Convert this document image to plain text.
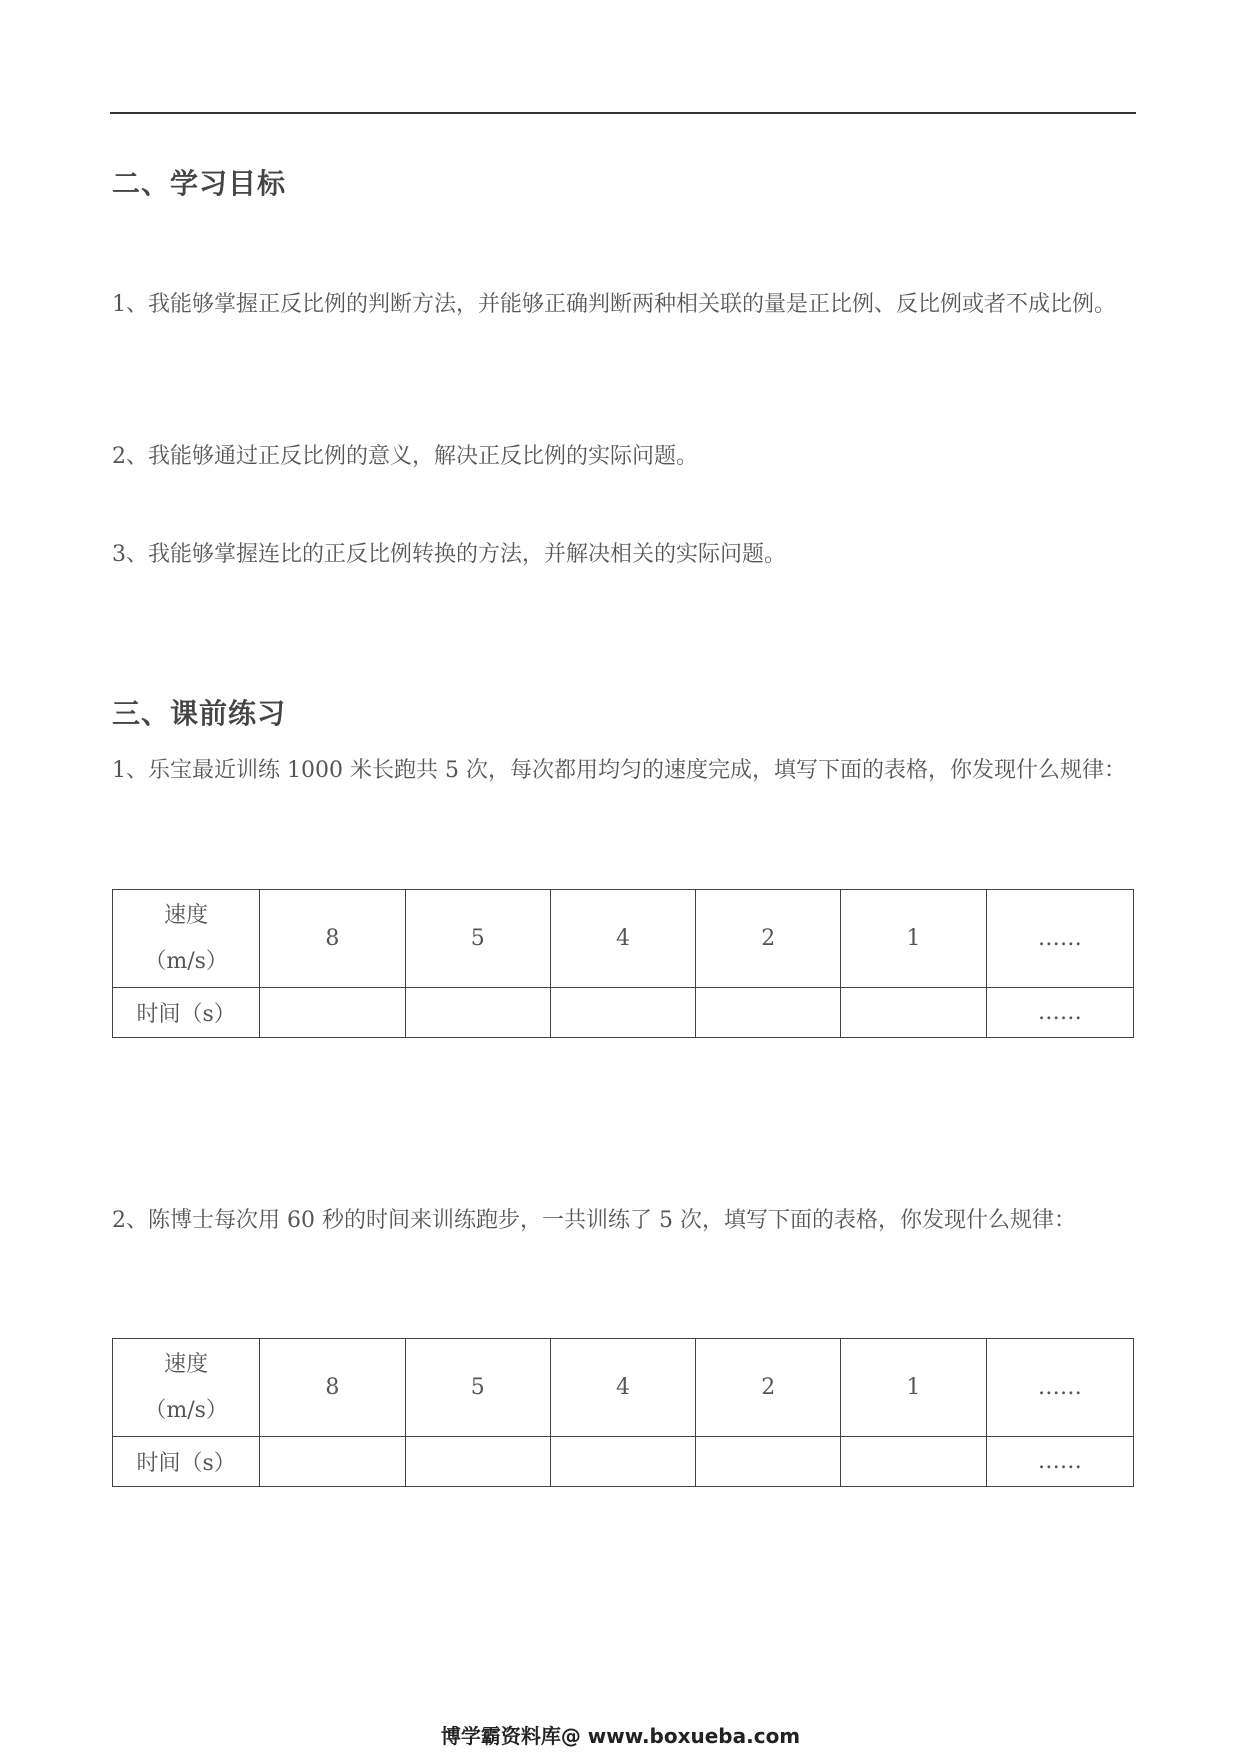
二、学习目标
1、我能够掌握正反比例的判断方法，并能够正确判断两种相关联的量是正比例、反比例或者不成比例。
2、我能够通过正反比例的意义，解决正反比例的实际问题。
3、我能够掌握连比的正反比例转换的方法，并解决相关的实际问题。
三、课前练习
1、乐宝最近训练 1000 米长跑共 5 次，每次都用均匀的速度完成，填写下面的表格，你发现什么规律：
速度
（m/s）	8	5	4	2	1	……
时间（s）						……
2、陈博士每次用 60 秒的时间来训练跑步，一共训练了 5 次，填写下面的表格，你发现什么规律：
速度
（m/s）	8	5	4	2	1	……
时间（s）						……
博学霸资料库@ www.boxueba.com
